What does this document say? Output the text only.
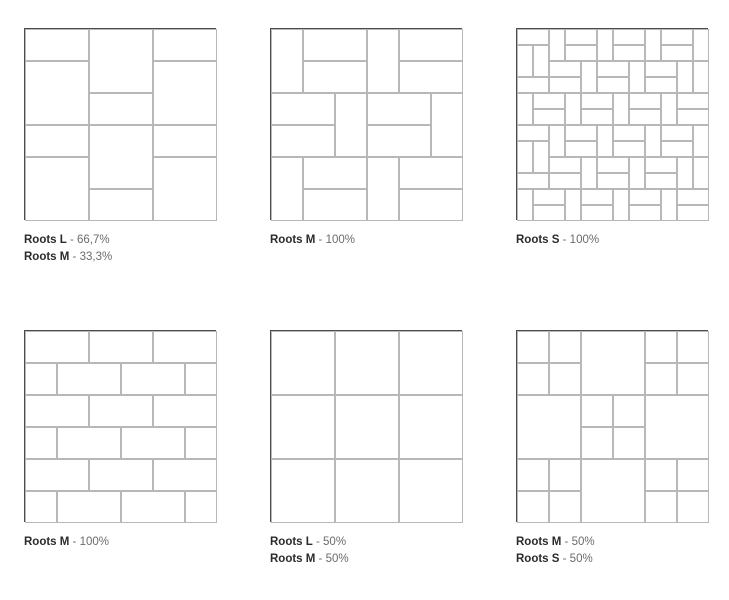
Roots L - 66,7%
Roots M - 33,3%
Roots M - 100%	Roots S - 100%
Roots M - 100%	Roots L - 50%
Roots M - 50%
Roots M - 50%
Roots S - 50%
